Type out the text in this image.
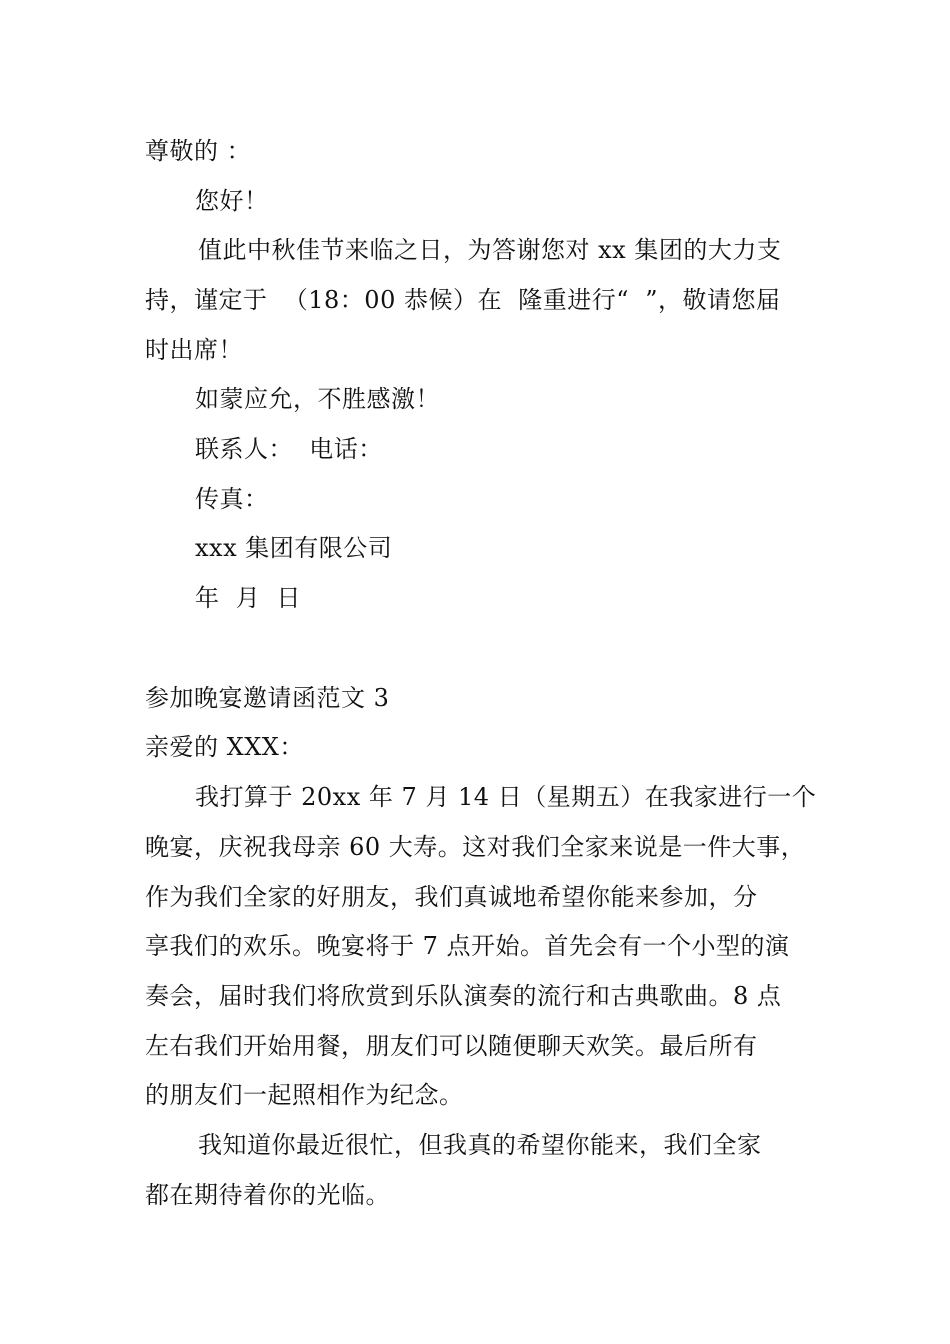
尊敬的 ：
您好！
值此中秋佳节来临之日，为答谢您对 xx 集团的大力支
持，谨定于  （18：00 恭候）在  隆重进行“  ”，敬请您届
时出席！
如蒙应允，不胜感激！
联系人：  电话：
传真：
xxx 集团有限公司
年  月  日
参加晚宴邀请函范文 3
亲爱的 XXX：
我打算于 20xx 年 7 月 14 日（星期五）在我家进行一个
晚宴，庆祝我母亲 60 大寿。这对我们全家来说是一件大事，
作为我们全家的好朋友，我们真诚地希望你能来参加，分
享我们的欢乐。晚宴将于 7 点开始。首先会有一个小型的演
奏会，届时我们将欣赏到乐队演奏的流行和古典歌曲。8 点
左右我们开始用餐，朋友们可以随便聊天欢笑。最后所有
的朋友们一起照相作为纪念。
我知道你最近很忙，但我真的希望你能来，我们全家
都在期待着你的光临。
